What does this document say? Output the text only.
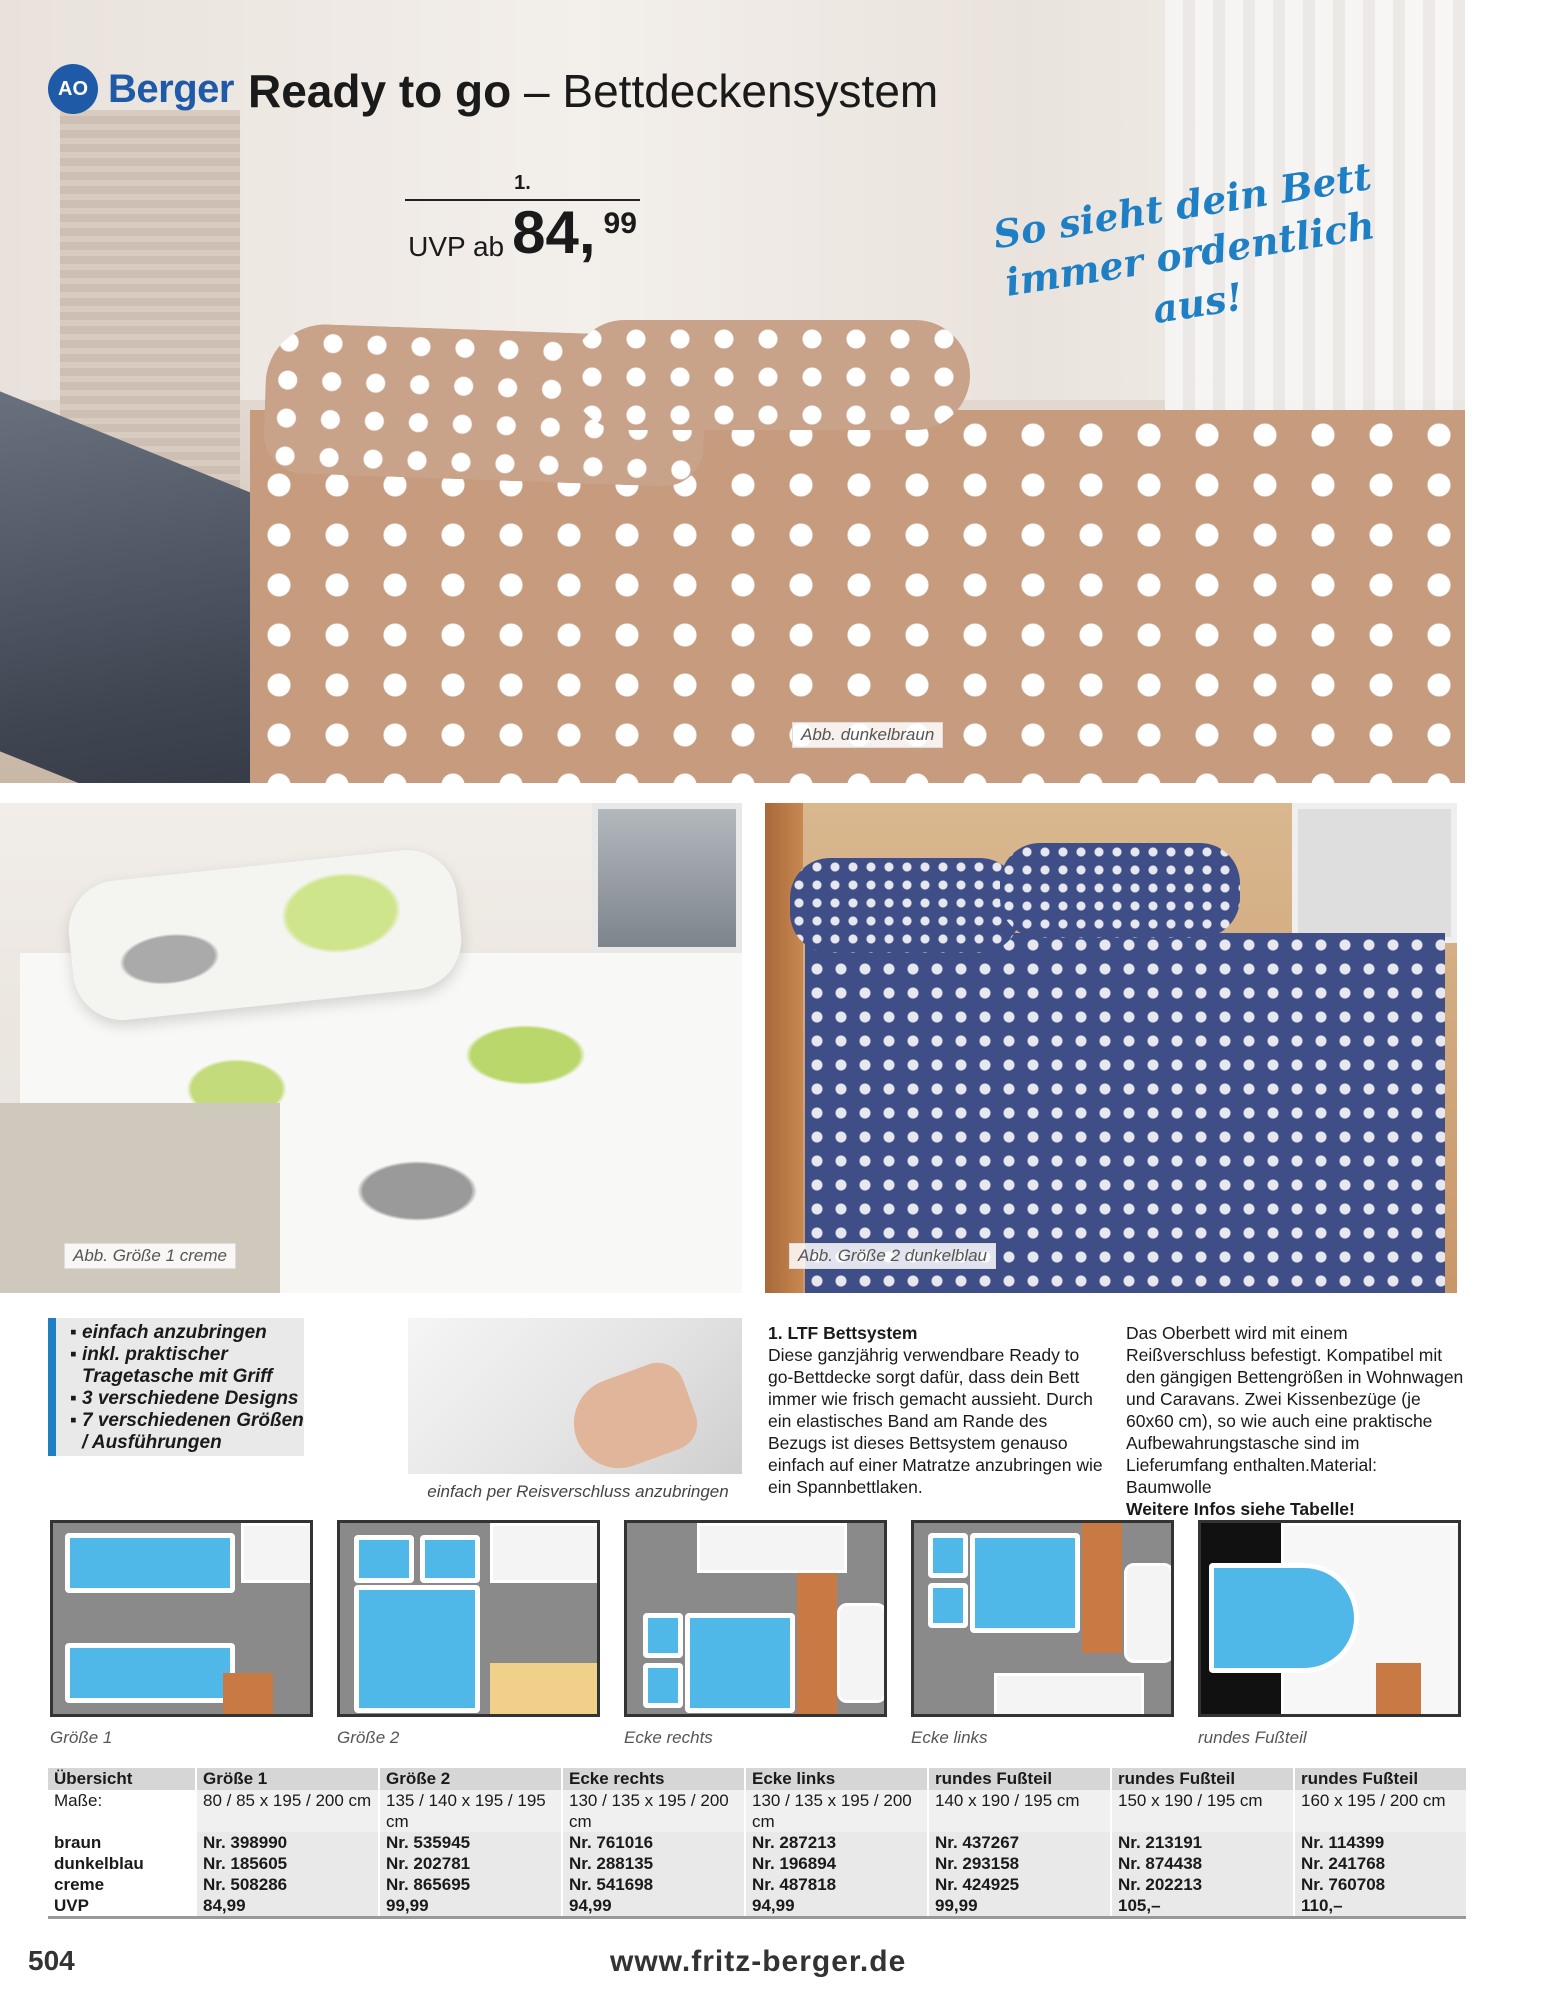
AO Berger Ready to go – Bettdeckensystem
1.
UVP ab 84, 99	So sieht dein Bett immer ordentlich aus!
Abb. dunkelbraun
Abb. Größe 1 creme	Abb. Größe 2 dunkelblau
▪ einfach anzubringen
▪ inkl. praktischer Tragetasche mit Griff
▪ 3 verschiedene Designs
▪ 7 verschiedenen Größen / Ausführungen
einfach per Reisverschluss anzubringen
1. LTF Bettsystem
Diese ganzjährig verwendbare Ready to go-Bettdecke sorgt dafür, dass dein Bett immer wie frisch gemacht aussieht. Durch ein elastisches Band am Rande des Bezugs ist dieses Bettsystem genauso einfach auf einer Matratze anzubringen wie ein Spannbettlaken.
Das Oberbett wird mit einem Reißverschluss befestigt. Kompatibel mit den gängigen Bettengrößen in Wohnwagen und Caravans. Zwei Kissenbezüge (je 60x60 cm), so wie auch eine praktische Aufbewahrungstasche sind im Lieferumfang enthalten.Material: Baumwolle
Weitere Infos siehe Tabelle!
Größe 1	Größe 2	Ecke rechts	Ecke links	rundes Fußteil
Übersicht	Größe 1	Größe 2	Ecke rechts	Ecke links	rundes Fußteil	rundes Fußteil	rundes Fußteil
Maße:	80 / 85 x 195 / 200 cm	135 / 140 x 195 / 195 cm	130 / 135 x 195 / 200 cm	130 / 135 x 195 / 200 cm	140 x 190 / 195 cm	150 x 190 / 195 cm	160 x 195 / 200 cm
braun	Nr. 398990	Nr. 535945	Nr. 761016	Nr. 287213	Nr. 437267	Nr. 213191	Nr. 114399
dunkelblau	Nr. 185605	Nr. 202781	Nr. 288135	Nr. 196894	Nr. 293158	Nr. 874438	Nr. 241768
creme	Nr. 508286	Nr. 865695	Nr. 541698	Nr. 487818	Nr. 424925	Nr. 202213	Nr. 760708
UVP	84,99	99,99	94,99	94,99	99,99	105,–	110,–
504	www.fritz-berger.de
